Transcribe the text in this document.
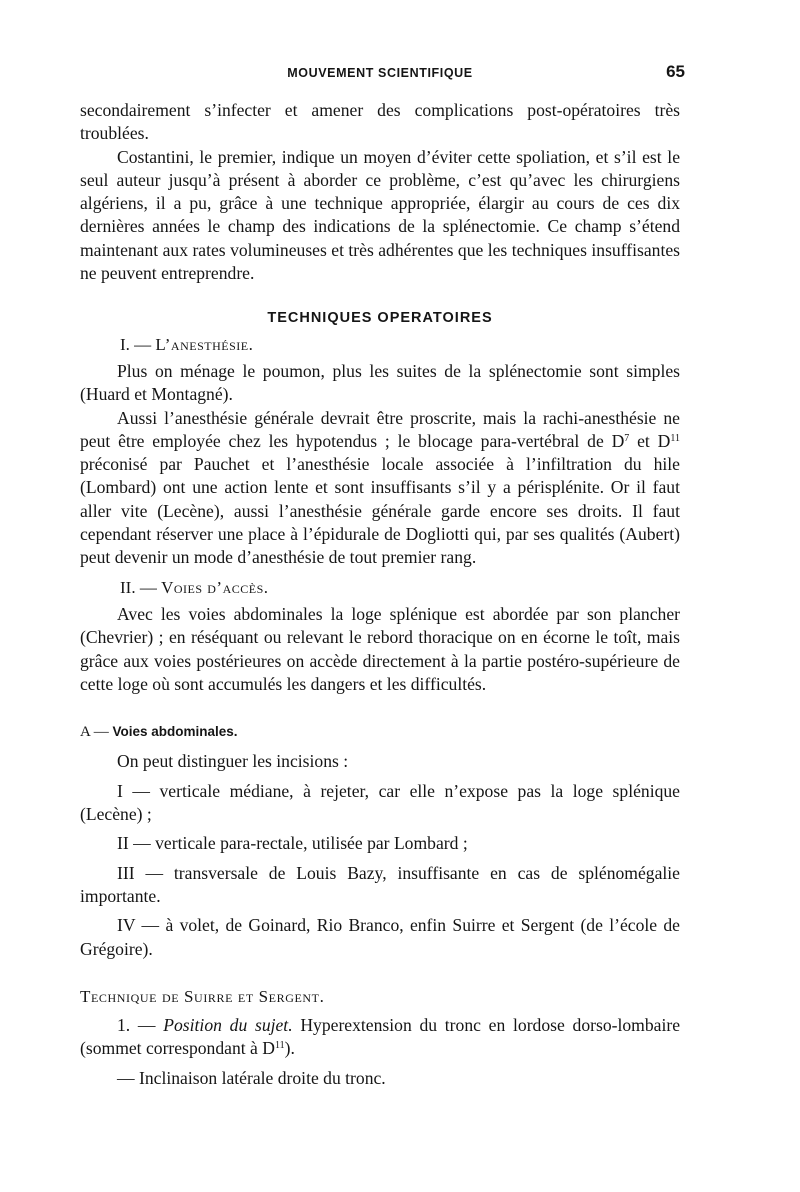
MOUVEMENT SCIENTIFIQUE	65

secondairement s’infecter et amener des complications post-opératoires très troublées.

Costantini, le premier, indique un moyen d’éviter cette spoliation, et s’il est le seul auteur jusqu’à présent à aborder ce problème, c’est qu’avec les chirurgiens algériens, il a pu, grâce à une technique appropriée, élargir au cours de ces dix dernières années le champ des indications de la splénectomie. Ce champ s’étend maintenant aux rates volumineuses et très adhérentes que les techniques insuffisantes ne peuvent entreprendre.

TECHNIQUES OPERATOIRES
I. — L’anesthésie.

Plus on ménage le poumon, plus les suites de la splénectomie sont simples (Huard et Montagné).

Aussi l’anesthésie générale devrait être proscrite, mais la rachi-anesthésie ne peut être employée chez les hypotendus ; le blocage para-vertébral de $D^7$ et $D^{11}$ préconisé par Pauchet et l’anesthésie locale associée à l’infiltration du hile (Lombard) ont une action lente et sont insuffisants s’il y a périsplénite. Or il faut aller vite (Lecène), aussi l’anesthésie générale garde encore ses droits. Il faut cependant réserver une place à l’épidurale de Dogliotti qui, par ses qualités (Aubert) peut devenir un mode d’anesthésie de tout premier rang.

II. — Voies d’accès.

Avec les voies abdominales la loge splénique est abordée par son plancher (Chevrier) ; en réséquant ou relevant le rebord thoracique on en écorne le toît, mais grâce aux voies postérieures on accède directement à la partie postéro-supérieure de cette loge où sont accumulés les dangers et les difficultés.

A — Voies abdominales.

On peut distinguer les incisions :

I — verticale médiane, à rejeter, car elle n’expose pas la loge splénique (Lecène) ;

II — verticale para-rectale, utilisée par Lombard ;

III — transversale de Louis Bazy, insuffisante en cas de splénomégalie importante.

IV — à volet, de Goinard, Rio Branco, enfin Suirre et Sergent (de l’école de Grégoire).

Technique de Suirre et Sergent.

1. — Position du sujet. Hyperextension du tronc en lordose dorso-lombaire (sommet correspondant à $D^{11}$).

— Inclinaison latérale droite du tronc.
